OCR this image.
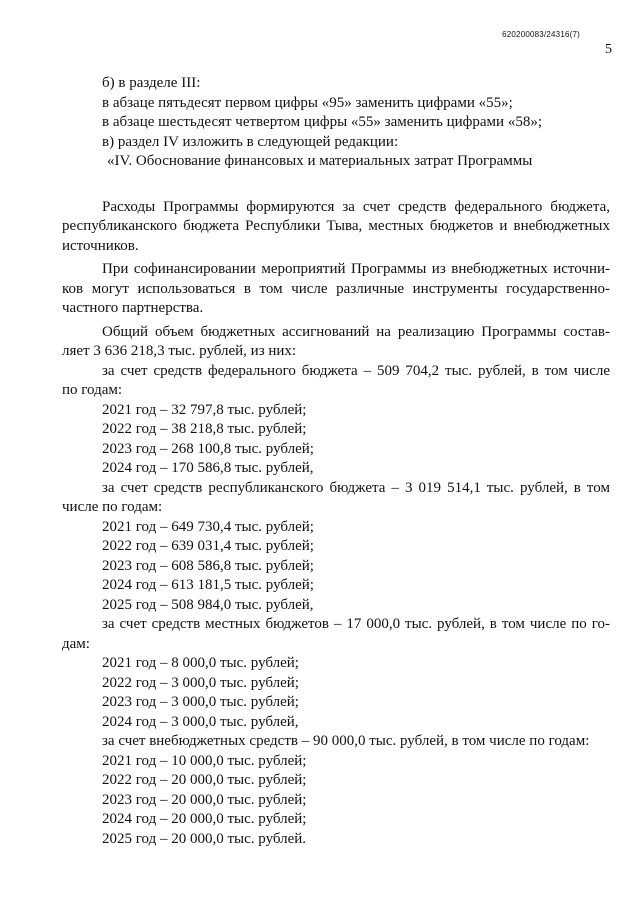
620200083/24316(7)
5
б) в разделе III:
в абзаце пятьдесят первом цифры «95» заменить цифрами «55»;
в абзаце шестьдесят четвертом цифры «55» заменить цифрами «58»;
в) раздел IV изложить в следующей редакции:
«IV. Обоснование финансовых и материальных затрат Программы
Расходы Программы формируются за счет средств федерального бюджета,
республиканского бюджета Республики Тыва, местных бюджетов и внебюджетных
источников.
При софинансировании мероприятий Программы из внебюджетных источни-
ков могут использоваться в том числе различные инструменты государственно-
частного партнерства.
Общий объем бюджетных ассигнований на реализацию Программы состав-
ляет 3 636 218,3 тыс. рублей, из них:
за счет средств федерального бюджета – 509 704,2 тыс. рублей, в том числе
по годам:
2021 год – 32 797,8 тыс. рублей;
2022 год – 38 218,8 тыс. рублей;
2023 год – 268 100,8 тыс. рублей;
2024 год – 170 586,8 тыс. рублей,
за счет средств республиканского бюджета – 3 019 514,1 тыс. рублей, в том
числе по годам:
2021 год – 649 730,4 тыс. рублей;
2022 год – 639 031,4 тыс. рублей;
2023 год – 608 586,8 тыс. рублей;
2024 год – 613 181,5 тыс. рублей;
2025 год – 508 984,0 тыс. рублей,
за счет средств местных бюджетов – 17 000,0 тыс. рублей, в том числе по го-
дам:
2021 год – 8 000,0 тыс. рублей;
2022 год – 3 000,0 тыс. рублей;
2023 год – 3 000,0 тыс. рублей;
2024 год – 3 000,0 тыс. рублей,
за счет внебюджетных средств – 90 000,0 тыс. рублей, в том числе по годам:
2021 год – 10 000,0 тыс. рублей;
2022 год – 20 000,0 тыс. рублей;
2023 год – 20 000,0 тыс. рублей;
2024 год – 20 000,0 тыс. рублей;
2025 год – 20 000,0 тыс. рублей.
